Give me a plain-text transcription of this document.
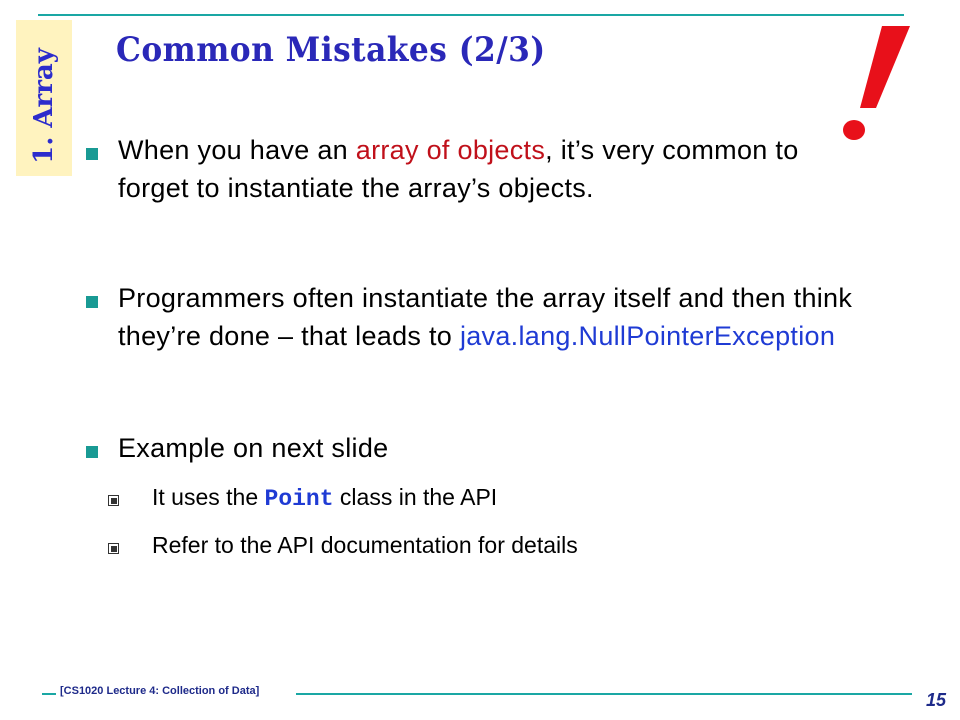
1. Array Common Mistakes (2/3)
When you have an array of objects, it’s very common to forget to instantiate the array’s objects.
Programmers often instantiate the array itself and then think they’re done – that leads to java.lang.NullPointerException
Example on next slide
It uses the Point class in the API
Refer to the API documentation for details
[CS1020 Lecture 4: Collection of Data]	15
